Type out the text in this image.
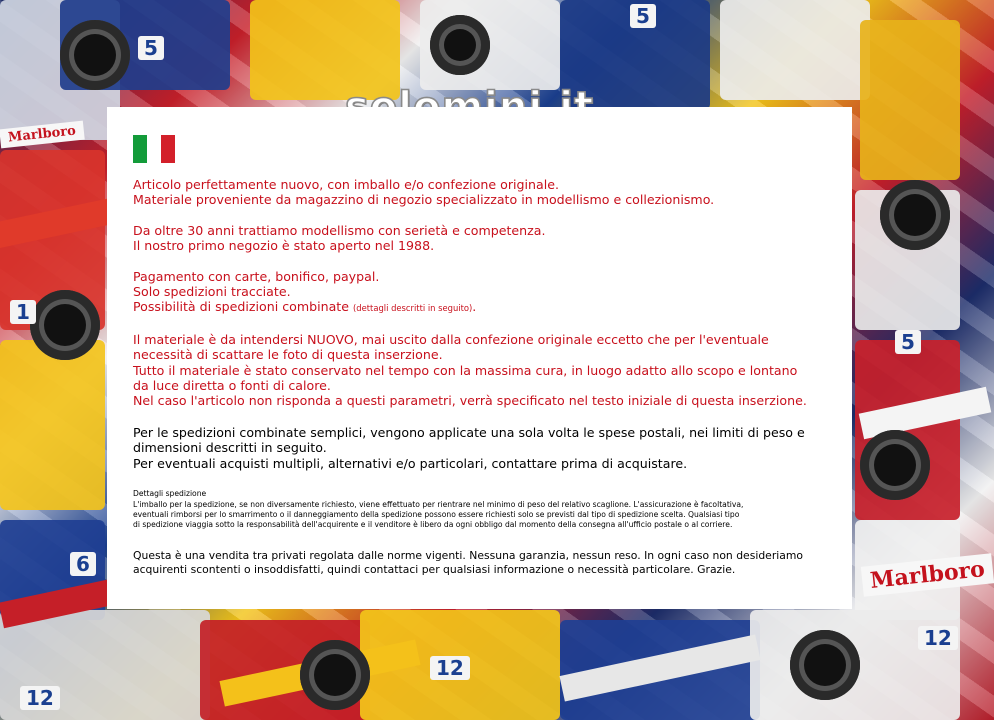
Marlboro
Marlboro
5
5
6
12
12
12
1
5

Articolo perfettamente nuovo, con imballo e/o confezione originale.

Materiale proveniente da magazzino di negozio specializzato in modellismo e collezionismo.

Da oltre 30 anni trattiamo modellismo con serietà e competenza.

Il nostro primo negozio è stato aperto nel 1988.

Pagamento con carte, bonifico, paypal.

Solo spedizioni tracciate.

Possibilità di spedizioni combinate (dettagli descritti in seguito).

Il materiale è da intendersi NUOVO, mai uscito dalla confezione originale eccetto che per l'eventuale

necessità di scattare le foto di questa inserzione.

Tutto il materiale è stato conservato nel tempo con la massima cura, in luogo adatto allo scopo e lontano

da luce diretta o fonti di calore.

Nel caso l'articolo non risponda a questi parametri, verrà specificato nel testo iniziale di questa inserzione.

Per le spedizioni combinate semplici, vengono applicate una sola volta le spese postali, nei limiti di peso e

dimensioni descritti in seguito.

Per eventuali acquisti multipli, alternativi e/o particolari, contattare prima di acquistare.

Dettagli spedizione

L'imballo per la spedizione, se non diversamente richiesto, viene effettuato per rientrare nel minimo di peso del relativo scaglione. L'assicurazione è facoltativa,

eventuali rimborsi per lo smarrimento o il danneggiamento della spedizione possono essere richiesti solo se previsti dal tipo di spedizione scelta. Qualsiasi tipo

di spedizione viaggia sotto la responsabilità dell'acquirente e il venditore è libero da ogni obbligo dal momento della consegna all'ufficio postale o al corriere.

Questa è una vendita tra privati regolata dalle norme vigenti. Nessuna garanzia, nessun reso. In ogni caso non desideriamo

acquirenti scontenti o insoddisfatti, quindi contattaci per qualsiasi informazione o necessità particolare. Grazie.
